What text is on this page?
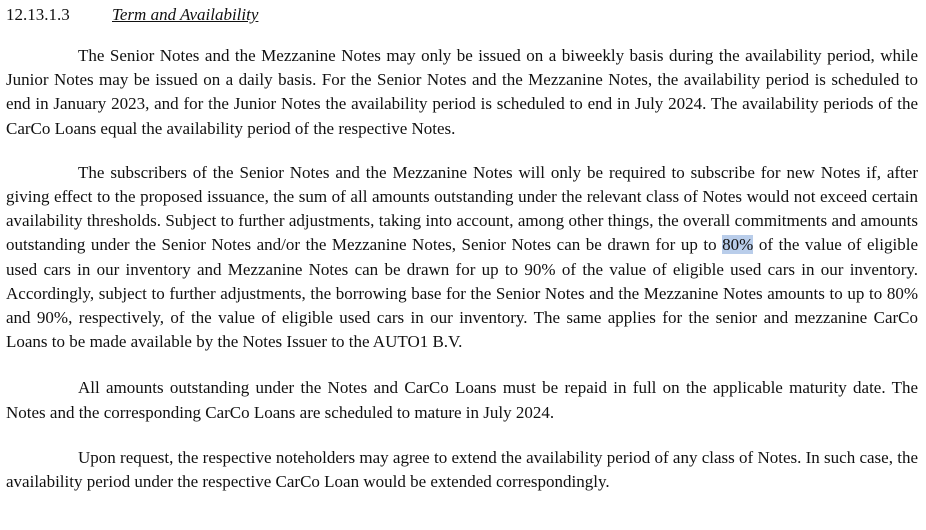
12.13.1.3 Term and Availability

The Senior Notes and the Mezzanine Notes may only be issued on a biweekly basis during the availability period, while Junior Notes may be issued on a daily basis. For the Senior Notes and the Mezzanine Notes, the availability period is scheduled to end in January 2023, and for the Junior Notes the availability period is scheduled to end in July 2024. The availability periods of the CarCo Loans equal the availability period of the respective Notes.

The subscribers of the Senior Notes and the Mezzanine Notes will only be required to subscribe for new Notes if, after giving effect to the proposed issuance, the sum of all amounts outstanding under the relevant class of Notes would not exceed certain availability thresholds. Subject to further adjustments, taking into account, among other things, the overall commitments and amounts outstanding under the Senior Notes and/or the Mezzanine Notes, Senior Notes can be drawn for up to 80% of the value of eligible used cars in our inventory and Mezzanine Notes can be drawn for up to 90% of the value of eligible used cars in our inventory. Accordingly, subject to further adjustments, the borrowing base for the Senior Notes and the Mezzanine Notes amounts to up to 80% and 90%, respectively, of the value of eligible used cars in our inventory. The same applies for the senior and mezzanine CarCo Loans to be made available by the Notes Issuer to the AUTO1 B.V.

All amounts outstanding under the Notes and CarCo Loans must be repaid in full on the applicable maturity date. The Notes and the corresponding CarCo Loans are scheduled to mature in July 2024.

Upon request, the respective noteholders may agree to extend the availability period of any class of Notes. In such case, the availability period under the respective CarCo Loan would be extended correspondingly.
